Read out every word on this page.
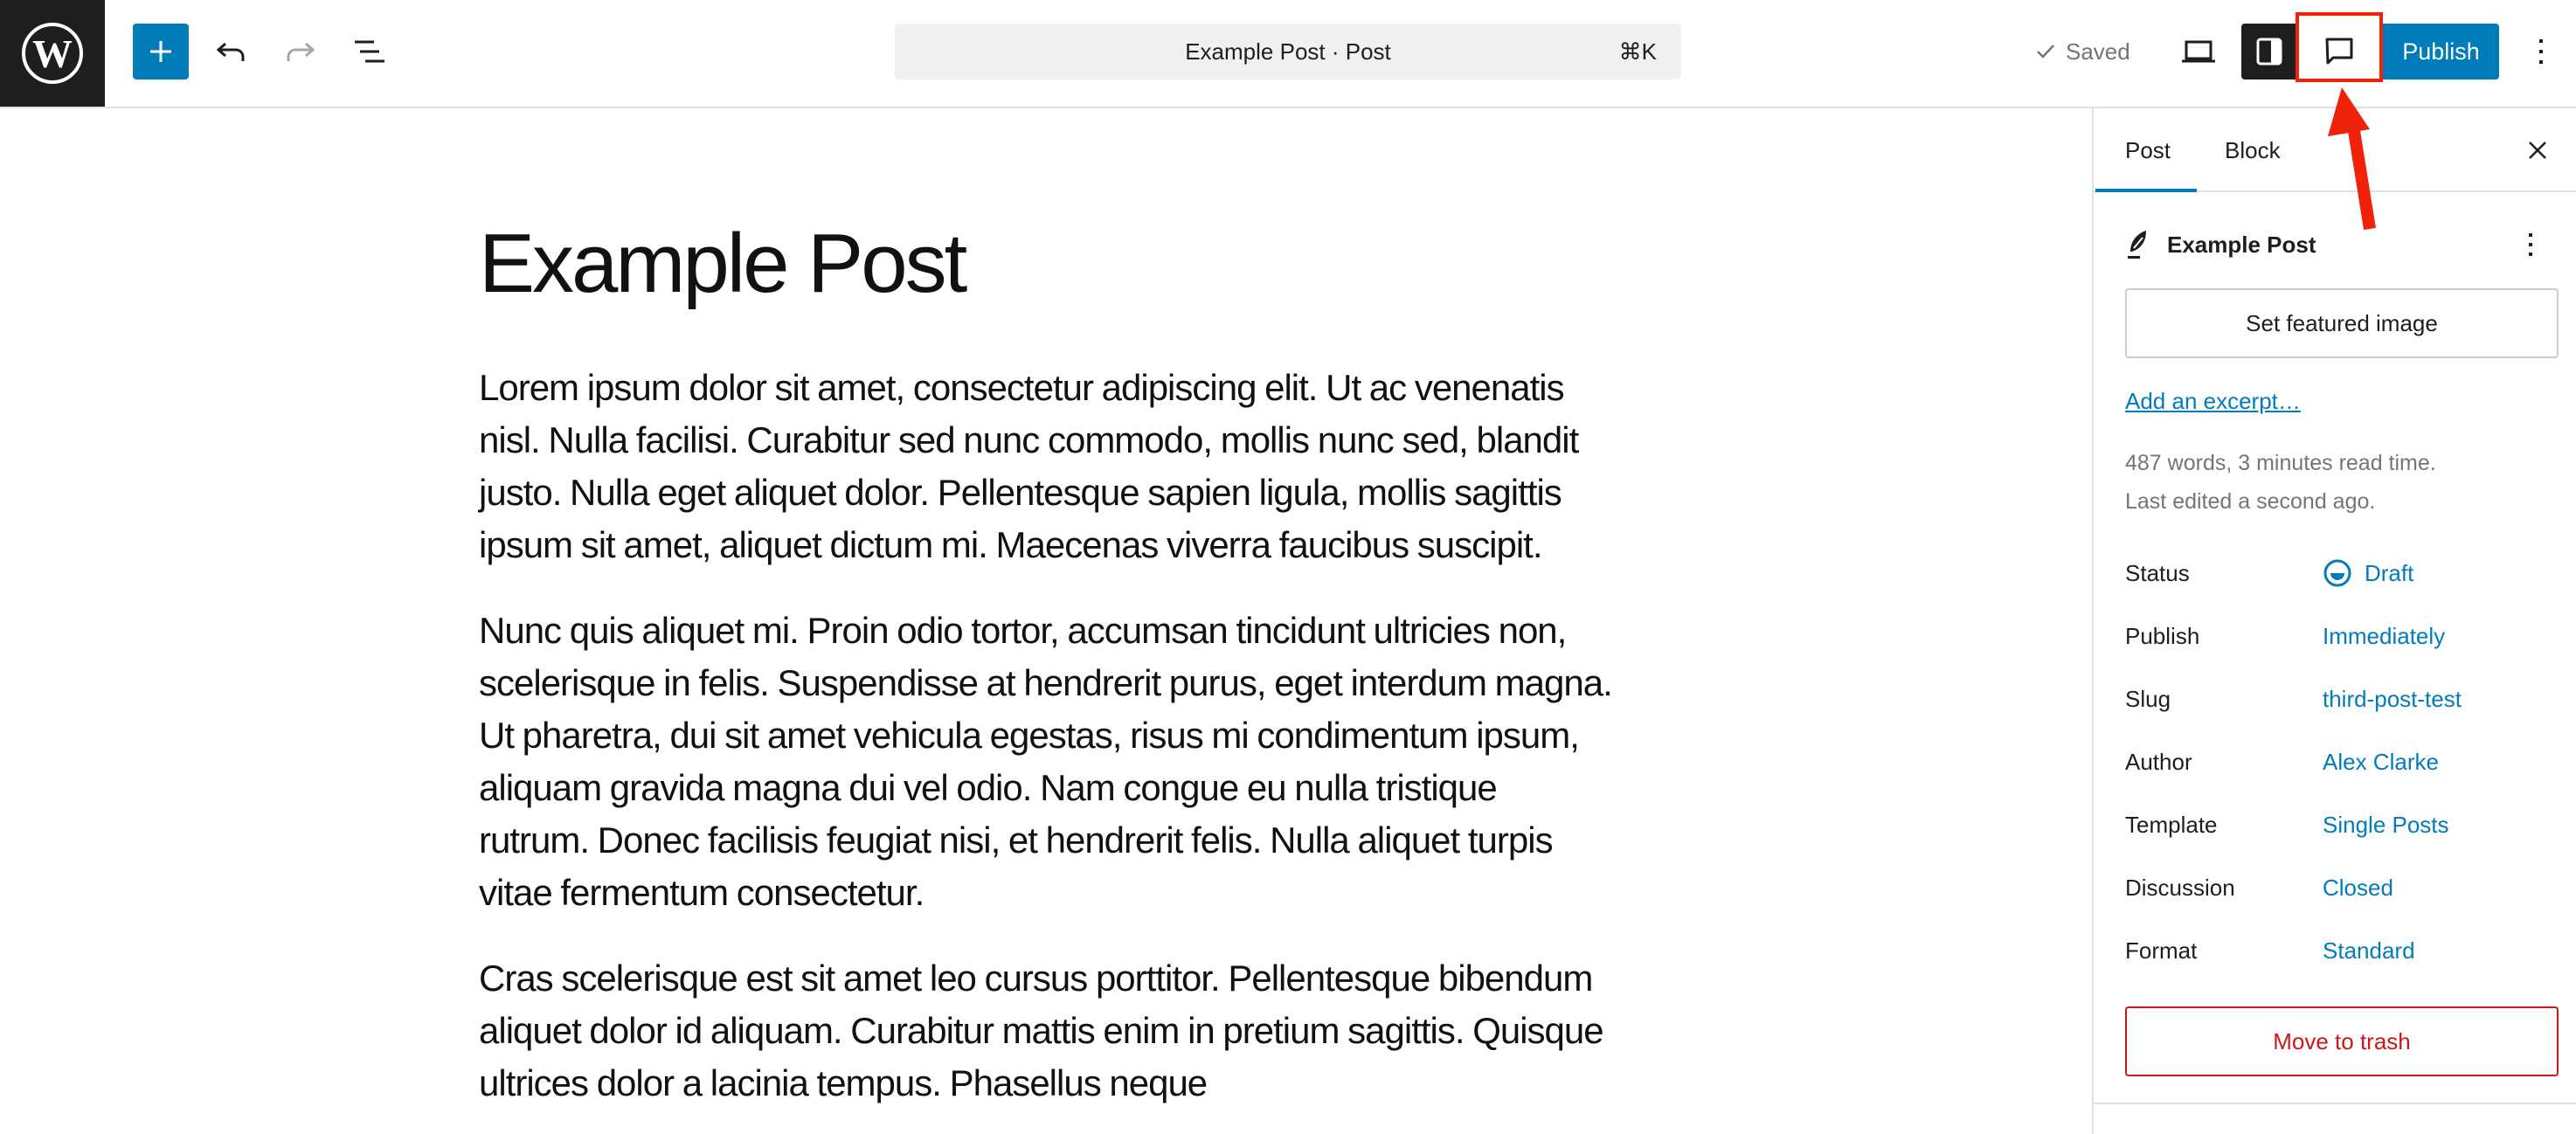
W	Example Post · Post	⌘K	Saved	Publish
Example Post

Lorem ipsum dolor sit amet, consectetur adipiscing elit. Ut ac venenatis nisl. Nulla facilisi. Curabitur sed nunc commodo, mollis nunc sed, blandit justo. Nulla eget aliquet dolor. Pellentesque sapien ligula, mollis sagittis ipsum sit amet, aliquet dictum mi. Maecenas viverra faucibus suscipit.

Nunc quis aliquet mi. Proin odio tortor, accumsan tincidunt ultricies non, scelerisque in felis. Suspendisse at hendrerit purus, eget interdum magna. Ut pharetra, dui sit amet vehicula egestas, risus mi condimentum ipsum, aliquam gravida magna dui vel odio. Nam congue eu nulla tristique rutrum. Donec facilisis feugiat nisi, et hendrerit felis. Nulla aliquet turpis vitae fermentum consectetur.

Cras scelerisque est sit amet leo cursus porttitor. Pellentesque bibendum aliquet dolor id aliquam. Curabitur mattis enim in pretium sagittis. Quisque ultrices dolor a lacinia tempus. Phasellus neque

Post Block
Example Post
Set featured image
Add an excerpt…
487 words, 3 minutes read time.
Last edited a second ago.
Status	Draft
Publish	Immediately
Slug	third-post-test
Author	Alex Clarke
Template	Single Posts
Discussion	Closed
Format	Standard
Move to trash
